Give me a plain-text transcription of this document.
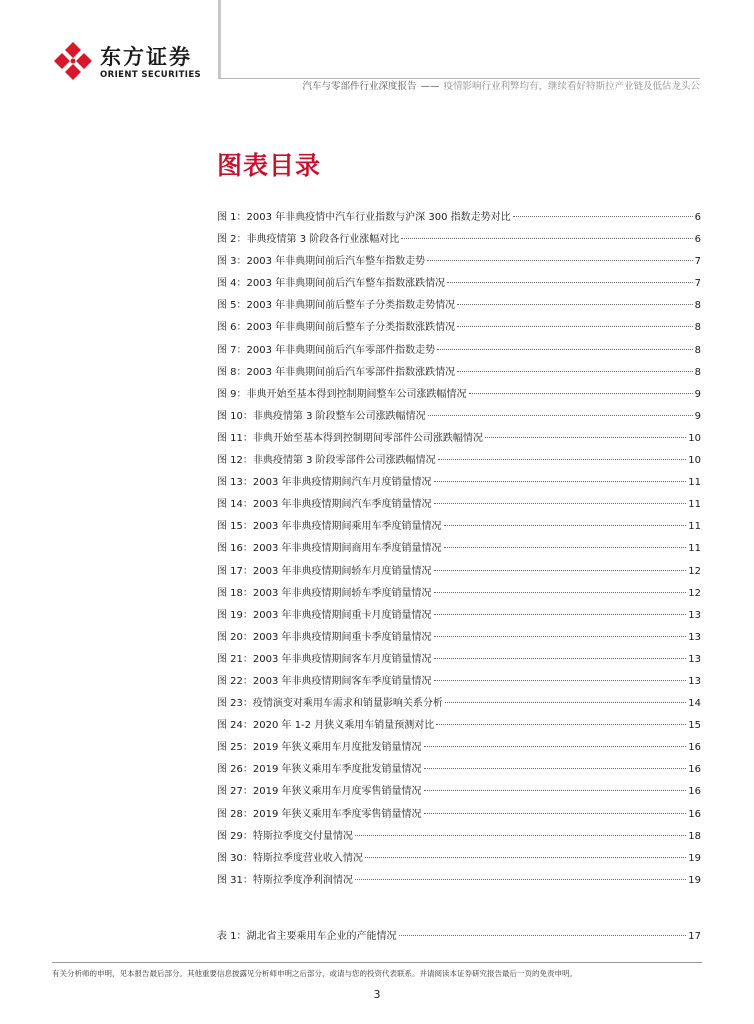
东方证券
ORIENT SECURITIES
汽车与零部件行业深度报告 —— 疫情影响行业利弊均有，继续看好特斯拉产业链及低估龙头公
图表目录
图 1：2003 年非典疫情中汽车行业指数与沪深 300 指数走势对比	6
图 2：非典疫情第 3 阶段各行业涨幅对比	6
图 3：2003 年非典期间前后汽车整车指数走势	7
图 4：2003 年非典期间前后汽车整车指数涨跌情况	7
图 5：2003 年非典期间前后整车子分类指数走势情况	8
图 6：2003 年非典期间前后整车子分类指数涨跌情况	8
图 7：2003 年非典期间前后汽车零部件指数走势	8
图 8：2003 年非典期间前后汽车零部件指数涨跌情况	8
图 9：非典开始至基本得到控制期间整车公司涨跌幅情况	9
图 10：非典疫情第 3 阶段整车公司涨跌幅情况	9
图 11：非典开始至基本得到控制期间零部件公司涨跌幅情况	10
图 12：非典疫情第 3 阶段零部件公司涨跌幅情况	10
图 13：2003 年非典疫情期间汽车月度销量情况	11
图 14：2003 年非典疫情期间汽车季度销量情况	11
图 15：2003 年非典疫情期间乘用车季度销量情况	11
图 16：2003 年非典疫情期间商用车季度销量情况	11
图 17：2003 年非典疫情期间轿车月度销量情况	12
图 18：2003 年非典疫情期间轿车季度销量情况	12
图 19：2003 年非典疫情期间重卡月度销量情况	13
图 20：2003 年非典疫情期间重卡季度销量情况	13
图 21：2003 年非典疫情期间客车月度销量情况	13
图 22：2003 年非典疫情期间客车季度销量情况	13
图 23：疫情演变对乘用车需求和销量影响关系分析	14
图 24：2020 年 1-2 月狭义乘用车销量预测对比	15
图 25：2019 年狭义乘用车月度批发销量情况	16
图 26：2019 年狭义乘用车季度批发销量情况	16
图 27：2019 年狭义乘用车月度零售销量情况	16
图 28：2019 年狭义乘用车季度零售销量情况	16
图 29：特斯拉季度交付量情况	18
图 30：特斯拉季度营业收入情况	19
图 31：特斯拉季度净利润情况	19
表 1：湖北省主要乘用车企业的产能情况	17
有关分析师的申明，见本报告最后部分。其他重要信息披露见分析师申明之后部分，或请与您的投资代表联系。并请阅读本证券研究报告最后一页的免责申明。
3
